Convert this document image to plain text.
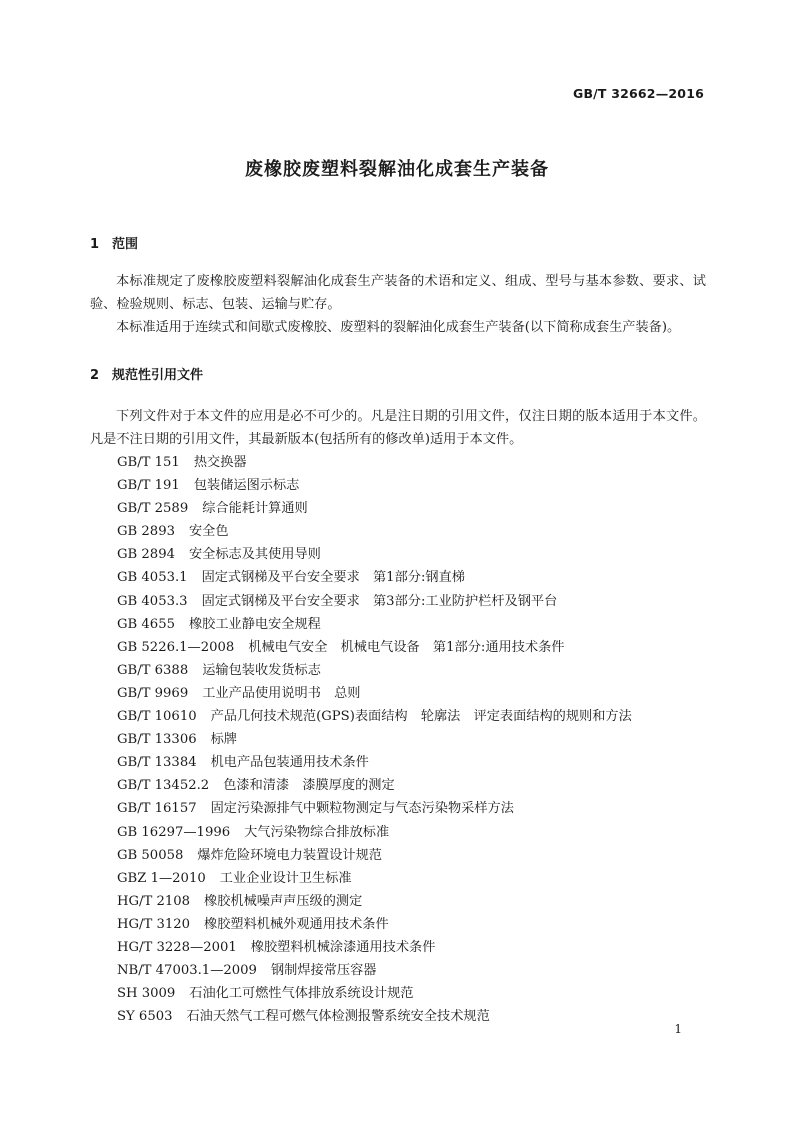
GB/T 32662—2016
废橡胶废塑料裂解油化成套生产装备
1 范围

本标准规定了废橡胶废塑料裂解油化成套生产装备的术语和定义、组成、型号与基本参数、要求、试验、检验规则、标志、包装、运输与贮存。

本标准适用于连续式和间歇式废橡胶、废塑料的裂解油化成套生产装备(以下简称成套生产装备)。

2 规范性引用文件

下列文件对于本文件的应用是必不可少的。凡是注日期的引用文件，仅注日期的版本适用于本文件。凡是不注日期的引用文件，其最新版本(包括所有的修改单)适用于本文件。

GB/T 151 热交换器
GB/T 191 包装储运图示标志
GB/T 2589 综合能耗计算通则
GB 2893 安全色
GB 2894 安全标志及其使用导则
GB 4053.1 固定式钢梯及平台安全要求　第1部分:钢直梯
GB 4053.3 固定式钢梯及平台安全要求　第3部分:工业防护栏杆及钢平台
GB 4655 橡胶工业静电安全规程
GB 5226.1—2008 机械电气安全　机械电气设备　第1部分:通用技术条件
GB/T 6388 运输包装收发货标志
GB/T 9969 工业产品使用说明书　总则
GB/T 10610 产品几何技术规范(GPS)表面结构　轮廓法　评定表面结构的规则和方法
GB/T 13306 标牌
GB/T 13384 机电产品包装通用技术条件
GB/T 13452.2 色漆和清漆　漆膜厚度的测定
GB/T 16157 固定污染源排气中颗粒物测定与气态污染物采样方法
GB 16297—1996 大气污染物综合排放标准
GB 50058 爆炸危险环境电力装置设计规范
GBZ 1—2010 工业企业设计卫生标准
HG/T 2108 橡胶机械噪声声压级的测定
HG/T 3120 橡胶塑料机械外观通用技术条件
HG/T 3228—2001 橡胶塑料机械涂漆通用技术条件
NB/T 47003.1—2009 钢制焊接常压容器
SH 3009 石油化工可燃性气体排放系统设计规范
SY 6503 石油天然气工程可燃气体检测报警系统安全技术规范
1
